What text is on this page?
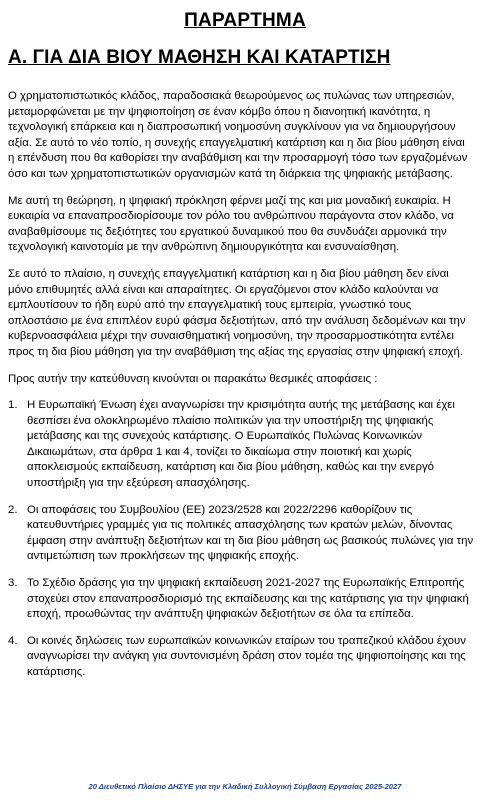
ΠΑΡΑΡΤΗΜΑ
Α. ΓΙΑ ΔΙΑ ΒΙΟΥ ΜΑΘΗΣΗ ΚΑΙ ΚΑΤΑΡΤΙΣΗ

Ο χρηματοπιστωτικός κλάδος, παραδοσιακά θεωρούμενος ως πυλώνας των υπηρεσιών, μεταμορφώνεται με την ψηφιοποίηση σε έναν κόμβο όπου η διανοητική ικανότητα, η τεχνολογική επάρκεια και η διαπροσωπική νοημοσύνη συγκλίνουν για να δημιουργήσουν αξία. Σε αυτό το νέο τοπίο, η συνεχής επαγγελματική κατάρτιση και η δια βίου μάθηση είναι η επένδυση που θα καθορίσει την αναβάθμιση και την προσαρμογή τόσο των εργαζομένων όσο και των χρηματοπιστωτικών οργανισμών κατά τη διάρκεια της ψηφιακής μετάβασης.

Με αυτή τη θεώρηση, η ψηφιακή πρόκληση φέρνει μαζί της και μια μοναδική ευκαιρία. Η ευκαιρία να επαναπροσδιορίσουμε τον ρόλο του ανθρώπινου παράγοντα στον κλάδο, να αναβαθμίσουμε τις δεξιότητες του εργατικού δυναμικού που θα συνδυάζει αρμονικά την τεχνολογική καινοτομία με την ανθρώπινη δημιουργικότητα και ενσυναίσθηση.

Σε αυτό το πλαίσιο, η συνεχής επαγγελματική κατάρτιση και η δια βίου μάθηση δεν είναι μόνο επιθυμητές αλλά είναι και απαραίτητες. Οι εργαζόμενοι στον κλάδο καλούνται να εμπλουτίσουν το ήδη ευρύ από την επαγγελματική τους εμπειρία, γνωστικό τους οπλοστάσιο με ένα επιπλέον ευρύ φάσμα δεξιοτήτων, από την ανάλυση δεδομένων και την κυβερνοασφάλεια μέχρι την συναισθηματική νοημοσύνη, την προσαρμοστικότητα εντέλει προς τη δια βίου μάθηση για την αναβάθμιση της αξίας της εργασίας στην ψηφιακή εποχή.

Προς αυτήν την κατεύθυνση κινούνται οι παρακάτω θεσμικές αποφάσεις :

1. Η Ευρωπαϊκή Ένωση έχει αναγνωρίσει την κρισιμότητα αυτής της μετάβασης και έχει θεσπίσει ένα ολοκληρωμένο πλαίσιο πολιτικών για την υποστήριξη της ψηφιακής μετάβασης και της συνεχούς κατάρτισης. Ο Ευρωπαϊκός Πυλώνας Κοινωνικών Δικαιωμάτων, στα άρθρα 1 και 4, τονίζει το δικαίωμα στην ποιοτική και χωρίς αποκλεισμούς εκπαίδευση, κατάρτιση και δια βίου μάθηση, καθώς και την ενεργό υποστήριξη για την εξεύρεση απασχόλησης.
2. Οι αποφάσεις του Συμβουλίου (ΕΕ) 2023/2528 και 2022/2296 καθορίζουν τις κατευθυντήριες γραμμές για τις πολιτικές απασχόλησης των κρατών μελών, δίνοντας έμφαση στην ανάπτυξη δεξιοτήτων και τη δια βίου μάθηση ως βασικούς πυλώνες για την αντιμετώπιση των προκλήσεων της ψηφιακής εποχής.
3. Το Σχέδιο δράσης για την ψηφιακή εκπαίδευση 2021-2027 της Ευρωπαϊκής Επιτροπής στοχεύει στον επαναπροσδιορισμό της εκπαίδευσης και της κατάρτισης για την ψηφιακή εποχή, προωθώντας την ανάπτυξη ψηφιακών δεξιοτήτων σε όλα τα επίπεδα.
4. Οι κοινές δηλώσεις των ευρωπαϊκών κοινωνικών εταίρων του τραπεζικού κλάδου έχουν αναγνωρίσει την ανάγκη για συντονισμένη δράση στον τομέα της ψηφιοποίησης και της κατάρτισης.
20 Διευθετικό Πλαίσιο ΔΗΣΥΕ για την Κλαδική Συλλογική Σύμβαση Εργασίας 2025-2027
